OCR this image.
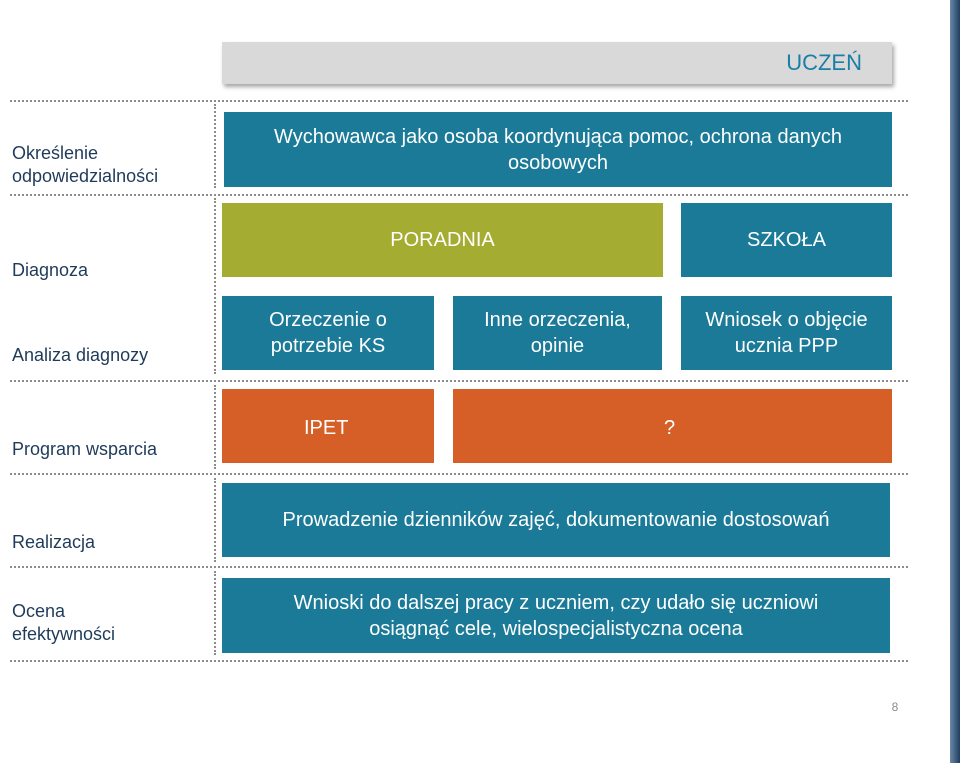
UCZEŃ
Określenie odpowiedzialności
Diagnoza
Analiza diagnozy
Program wsparcia
Realizacja
Ocena
efektywności
Wychowawca jako osoba koordynująca pomoc, ochrona danych osobowych
PORADNIA	SZKOŁA
Orzeczenie o potrzebie KS
Inne orzeczenia, opinie
Wniosek o objęcie ucznia PPP
IPET	?
Prowadzenie dzienników zajęć, dokumentowanie dostosowań
Wnioski do dalszej pracy z uczniem, czy udało się uczniowi osiągnąć cele, wielospecjalistyczna ocena
8
